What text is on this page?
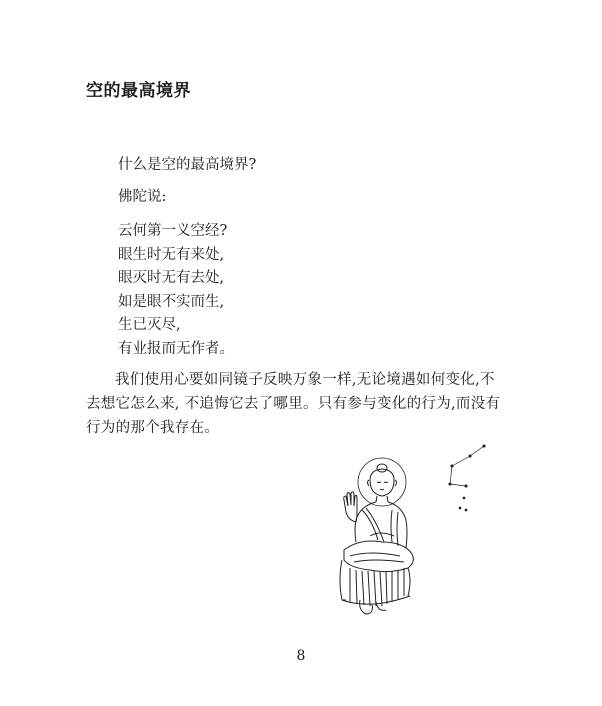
空的最高境界

什么是空的最高境界?

佛陀说:

云何第一义空经?
眼生时无有来处,
眼灭时无有去处,
如是眼不实而生,
生已灭尽,
有业报而无作者。

我们使用心要如同镜子反映万象一样,无论境遇如何变化,不去想它怎么来, 不追悔它去了哪里。只有参与变化的行为,而没有行为的那个我存在。

8
